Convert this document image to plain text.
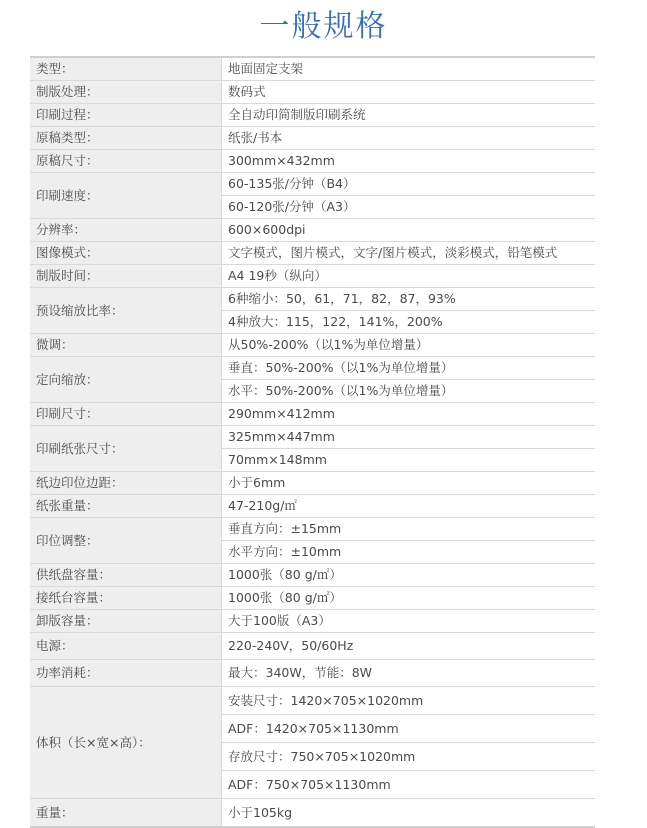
一般规格
类型：	地面固定支架
制版处理：	数码式
印刷过程：	全自动印简制版印刷系统
原稿类型：	纸张/书本
原稿尺寸：	300mm×432mm
印刷速度：	60-135张/分钟（B4）
	60-120张/分钟（A3）
分辨率：	600×600dpi
图像模式：	文字模式，图片模式，文字/图片模式，淡彩模式，铅笔模式
制版时间：	A4 19秒（纵向）
预设缩放比率：	6种缩小：50，61，71，82，87，93%
	4种放大：115，122，141%，200%
微调：	从50%-200%（以1%为单位增量）
定向缩放：	垂直：50%-200%（以1%为单位增量）
	水平：50%-200%（以1%为单位增量）
印刷尺寸：	290mm×412mm
印刷纸张尺寸：	325mm×447mm
	70mm×148mm
纸边印位边距：	小于6mm
纸张重量：	47-210g/㎡
印位调整：	垂直方向：±15mm
	水平方向：±10mm
供纸盘容量：	1000张（80 g/㎡）
接纸台容量：	1000张（80 g/㎡）
卸版容量：	大于100版（A3）
电源：	220-240V，50/60Hz
功率消耗：	最大：340W，节能：8W
体积（长×宽×高）：	安装尺寸：1420×705×1020mm
	ADF：1420×705×1130mm
	存放尺寸：750×705×1020mm
	ADF：750×705×1130mm
重量：	小于105kg
